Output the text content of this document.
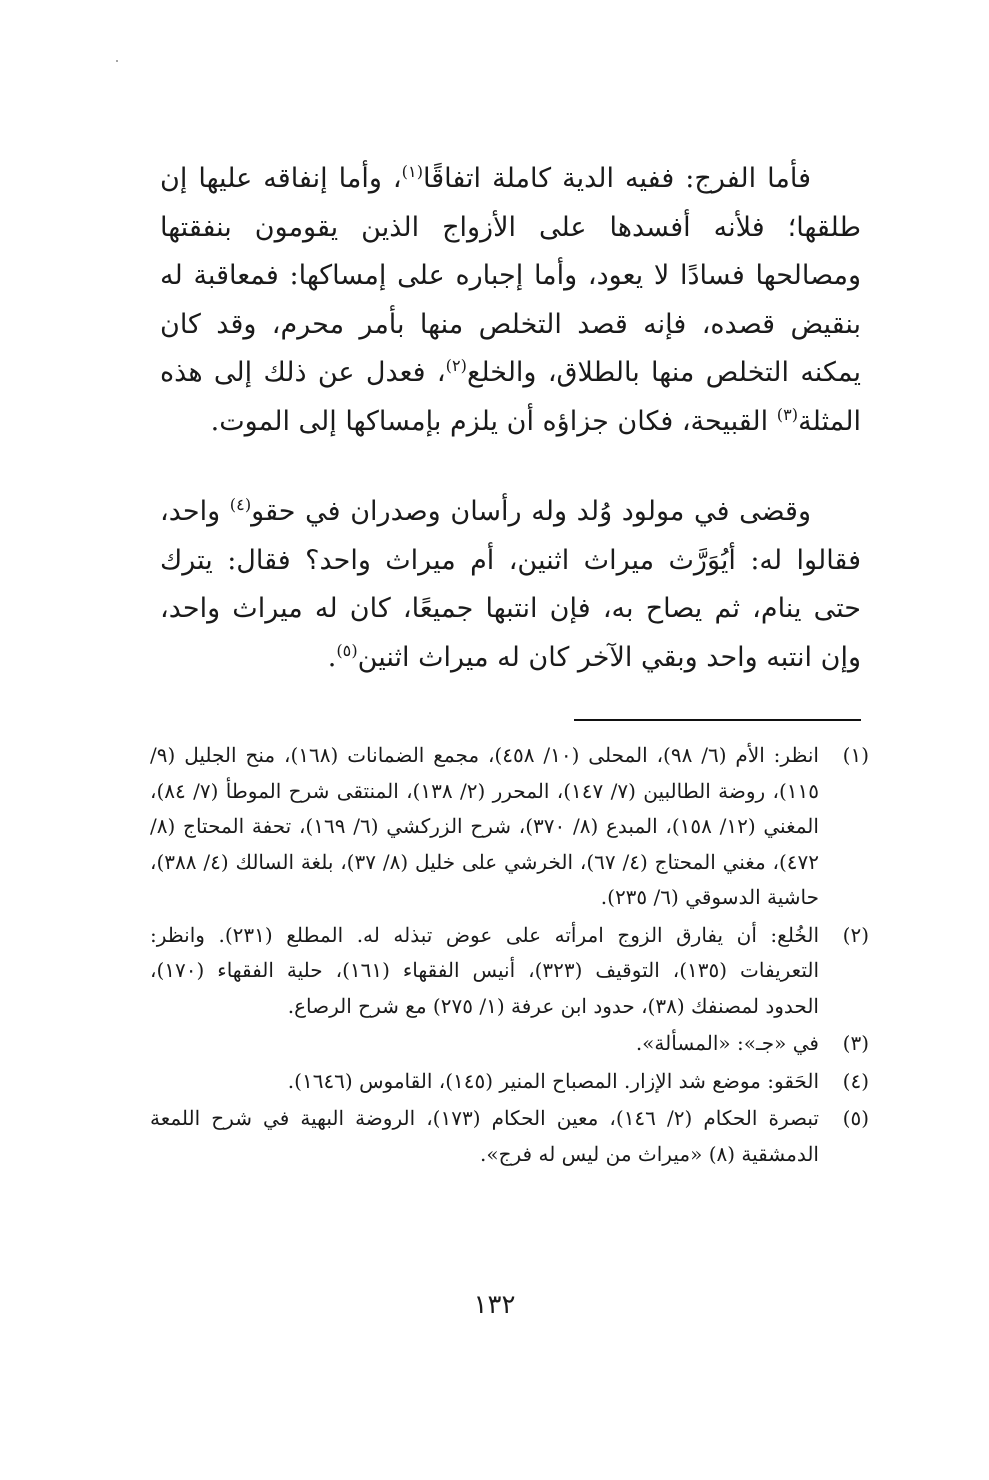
فأما الفرج: ففيه الدية كاملة اتفاقًا$^{(١)}$، وأما إنفاقه عليها إن طلقها؛ فلأنه أفسدها على الأزواج الذين يقومون بنفقتها ومصالحها فسادًا لا يعود، وأما إجباره على إمساكها: فمعاقبة له بنقيض قصده، فإنه قصد التخلص منها بأمر محرم، وقد كان يمكنه التخلص منها بالطلاق، والخلع$^{(٢)}$، فعدل عن ذلك إلى هذه المثلة$^{(٣)}$ القبيحة، فكان جزاؤه أن يلزم بإمساكها إلى الموت.

وقضى في مولود وُلد وله رأسان وصدران في حقو$^{(٤)}$ واحد، فقالوا له: أيُوَرَّث ميراث اثنين، أم ميراث واحد؟ فقال: يترك حتى ينام، ثم يصاح به، فإن انتبها جميعًا، كان له ميراث واحد، وإن انتبه واحد وبقي الآخر كان له ميراث اثنين$^{(٥)}$.

(١)
انظر: الأم (٦/ ٩٨)، المحلى (١٠/ ٤٥٨)، مجمع الضمانات (١٦٨)، منح الجليل (٩/ ١١٥)، روضة الطالبين (٧/ ١٤٧)، المحرر (٢/ ١٣٨)، المنتقى شرح الموطأ (٧/ ٨٤)، المغني (١٢/ ١٥٨)، المبدع (٨/ ٣٧٠)، شرح الزركشي (٦/ ١٦٩)، تحفة المحتاج (٨/ ٤٧٢)، مغني المحتاج (٤/ ٦٧)، الخرشي على خليل (٨/ ٣٧)، بلغة السالك (٤/ ٣٨٨)، حاشية الدسوقي (٦/ ٢٣٥).
(٢)
الخُلع: أن يفارق الزوج امرأته على عوض تبذله له. المطلع (٢٣١). وانظر: التعريفات (١٣٥)، التوقيف (٣٢٣)، أنيس الفقهاء (١٦١)، حلية الفقهاء (١٧٠)، الحدود لمصنفك (٣٨)، حدود ابن عرفة (١/ ٢٧٥) مع شرح الرصاع.
(٣)
في «جـ»: «المسألة».
(٤)
الحَقو: موضع شد الإزار. المصباح المنير (١٤٥)، القاموس (١٦٤٦).
(٥)
تبصرة الحكام (٢/ ١٤٦)، معين الحكام (١٧٣)، الروضة البهية في شرح اللمعة الدمشقية (٨) «ميراث من ليس له فرج».
١٣٢
